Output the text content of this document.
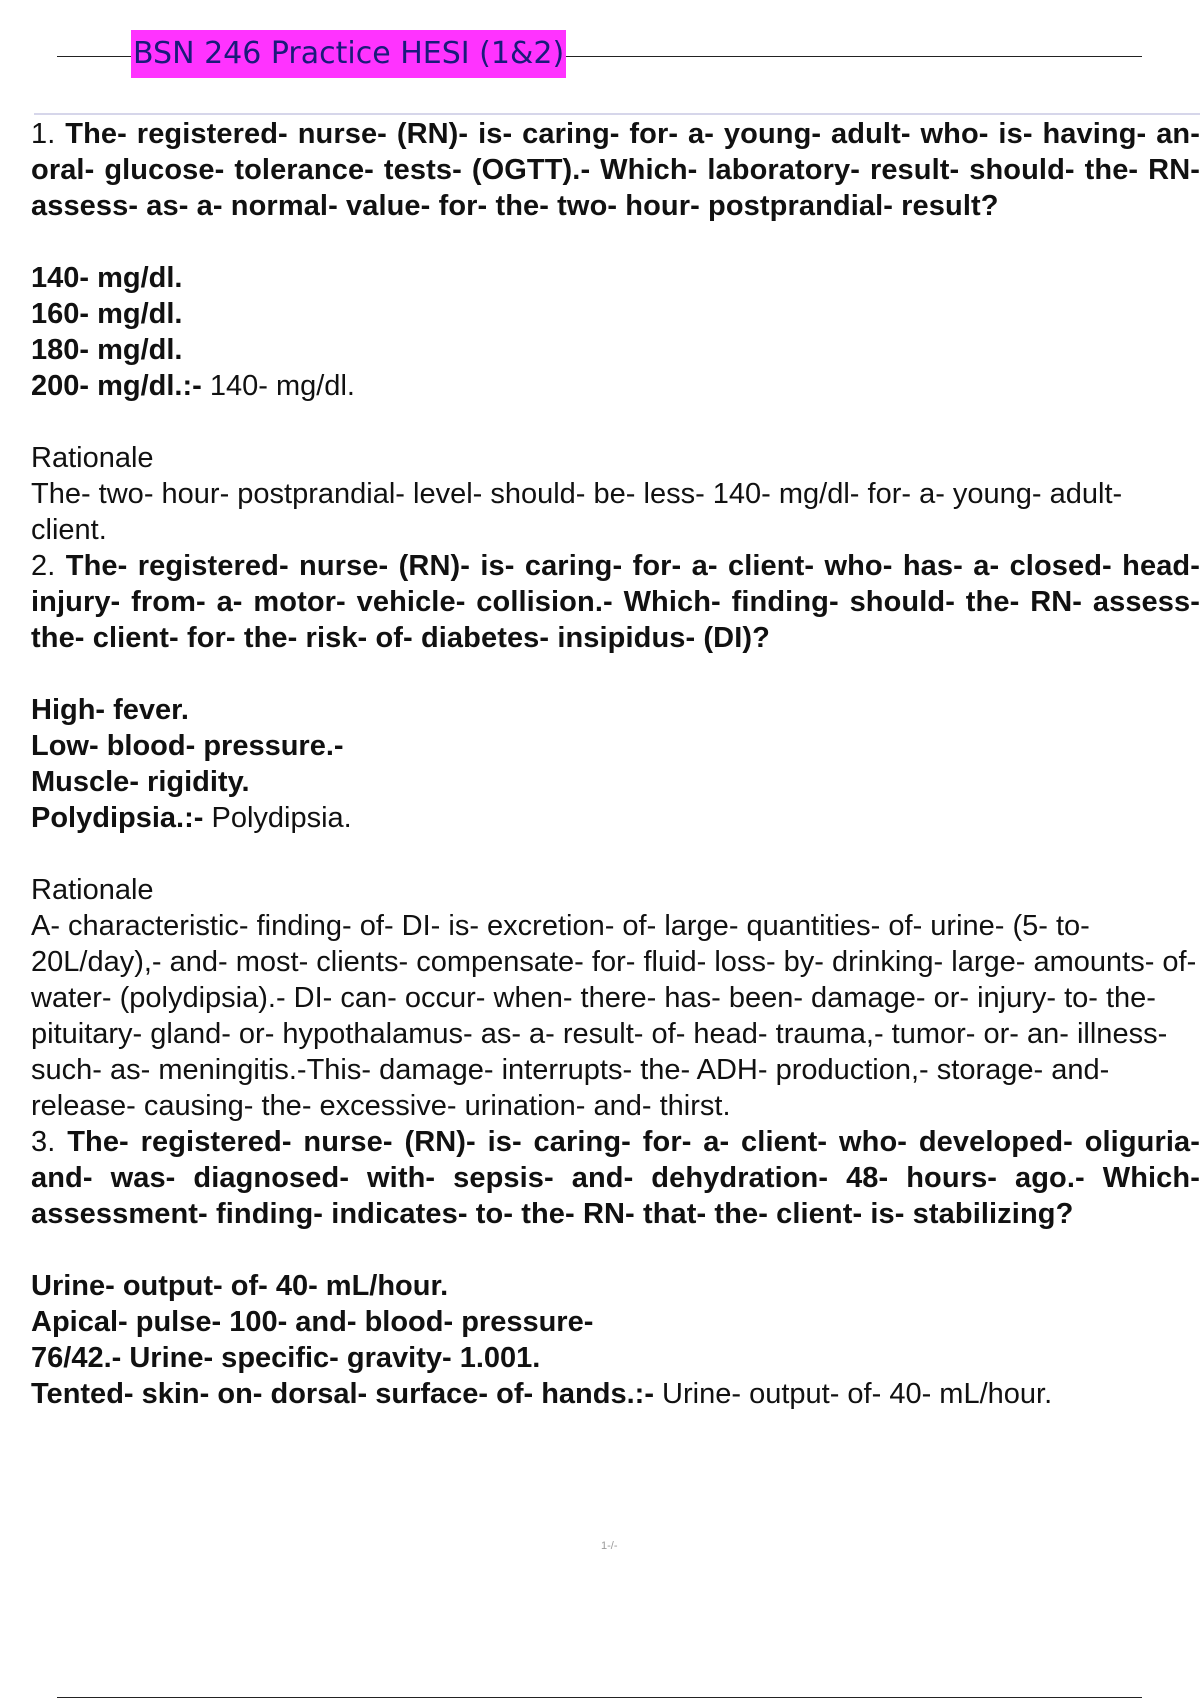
BSN 246 Practice HESI (1&2)

1. The- registered- nurse- (RN)- is- caring- for- a- young- adult- who- is- having- an- oral- glucose- tolerance- tests- (OGTT).- Which- laboratory- result- should- the- RN- assess- as- a- normal- value- for- the- two- hour- postprandial- result?

140- mg/dl.

160- mg/dl.

180- mg/dl.

200- mg/dl.:- 140- mg/dl.

Rationale

The- two- hour- postprandial- level- should- be- less- 140- mg/dl- for- a- young- adult- client.

2. The- registered- nurse- (RN)- is- caring- for- a- client- who- has- a- closed- head- injury- from- a- motor- vehicle- collision.- Which- finding- should- the- RN- assess- the- client- for- the- risk- of- diabetes- insipidus- (DI)?

High- fever.

Low- blood- pressure.-

Muscle- rigidity.

Polydipsia.:- Polydipsia.

Rationale

A- characteristic- finding- of- DI- is- excretion- of- large- quantities- of- urine- (5- to- 20L/day),- and- most- clients- compensate- for- fluid- loss- by- drinking- large- amounts- of- water- (polydipsia).- DI- can- occur- when- there- has- been- damage- or- injury- to- the- pituitary- gland- or- hypothalamus- as- a- result- of- head- trauma,- tumor- or- an- illness- such- as- meningitis.-This- damage- interrupts- the- ADH- production,- storage- and- release- causing- the- excessive- urination- and- thirst.

3. The- registered- nurse- (RN)- is- caring- for- a- client- who- developed- oliguria- and- was- diagnosed- with- sepsis- and- dehydration- 48- hours- ago.- Which- assessment- finding- indicates- to- the- RN- that- the- client- is- stabilizing?

Urine- output- of- 40- mL/hour.

Apical- pulse- 100- and- blood- pressure-

76/42.- Urine- specific- gravity- 1.001.

Tented- skin- on- dorsal- surface- of- hands.:- Urine- output- of- 40- mL/hour.

1-/-
